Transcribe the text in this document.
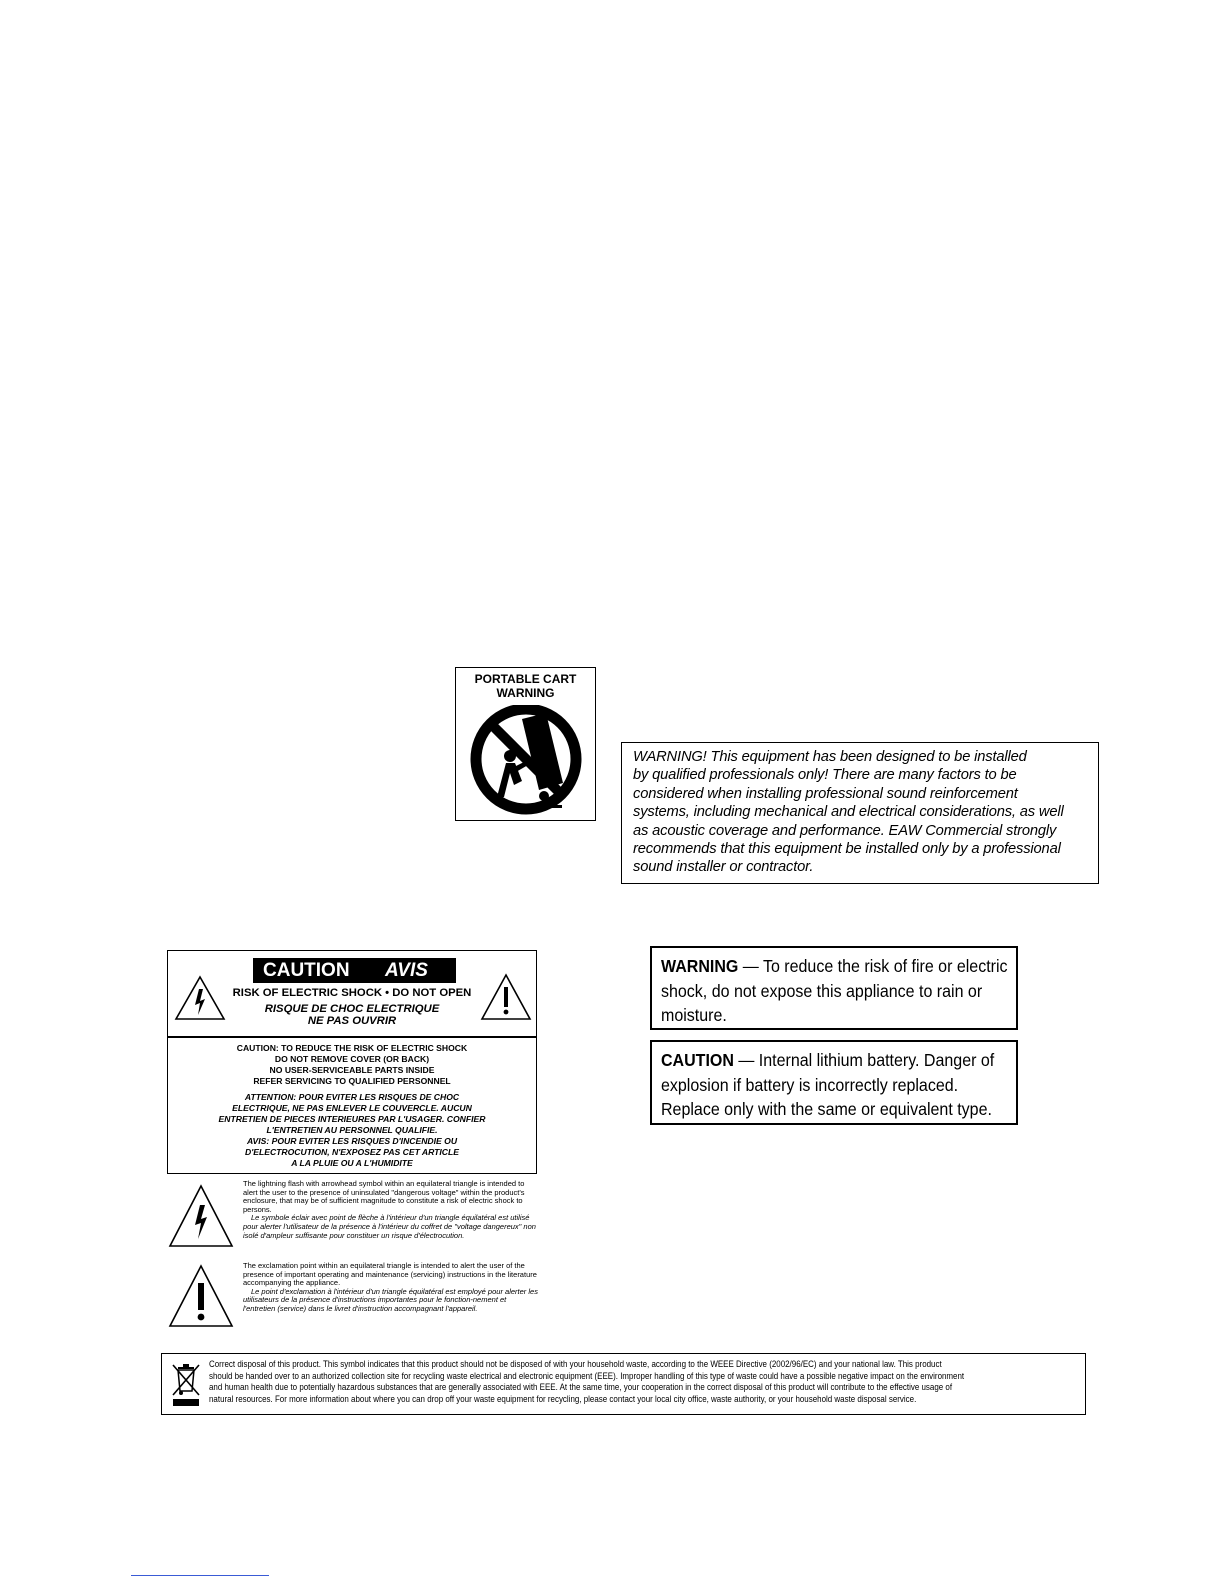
PORTABLE CART
WARNING
WARNING! This equipment has been designed to be installed
by qualified professionals only! There are many factors to be
considered when installing professional sound reinforcement
systems, including mechanical and electrical considerations, as well
as acoustic coverage and performance. EAW Commercial strongly
recommends that this equipment be installed only by a professional
sound installer or contractor.
CAUTION AVIS
RISK OF ELECTRIC SHOCK • DO NOT OPEN
RISQUE DE CHOC ELECTRIQUE
NE PAS OUVRIR
CAUTION: TO REDUCE THE RISK OF ELECTRIC SHOCK
DO NOT REMOVE COVER (OR BACK)
NO USER-SERVICEABLE PARTS INSIDE
REFER SERVICING TO QUALIFIED PERSONNEL
ATTENTION: POUR EVITER LES RISQUES DE CHOC
ELECTRIQUE, NE PAS ENLEVER LE COUVERCLE. AUCUN
ENTRETIEN DE PIECES INTERIEURES PAR L'USAGER. CONFIER
L'ENTRETIEN AU PERSONNEL QUALIFIE.
AVIS: POUR EVITER LES RISQUES D'INCENDIE OU
D'ELECTROCUTION, N'EXPOSEZ PAS CET ARTICLE
A LA PLUIE OU A L'HUMIDITE
The lightning flash with arrowhead symbol within an equilateral triangle is intended to alert the user to the presence of uninsulated "dangerous voltage" within the product's enclosure, that may be of sufficient magnitude to constitute a risk of electric shock to persons.
Le symbole éclair avec point de flèche à l'intérieur d'un triangle équilatéral est utilisé pour alerter l'utilisateur de la présence à l'intérieur du coffret de "voltage dangereux" non isolé d'ampleur suffisante pour constituer un risque d'électrocution.
The exclamation point within an equilateral triangle is intended to alert the user of the presence of important operating and maintenance (servicing) instructions in the literature accompanying the appliance.
Le point d'exclamation à l'intérieur d'un triangle équilatéral est employé pour alerter les utilisateurs de la présence d'instructions importantes pour le fonction-nement et l'entretien (service) dans le livret d'instruction accompagnant l'appareil.
WARNING — To reduce the risk of fire or electric shock, do not expose this appliance to rain or moisture.
CAUTION — Internal lithium battery. Danger of explosion if battery is incorrectly replaced. Replace only with the same or equivalent type.
Correct disposal of this product. This symbol indicates that this product should not be disposed of with your household waste, according to the WEEE Directive (2002/96/EC) and your national law. This product
should be handed over to an authorized collection site for recycling waste electrical and electronic equipment (EEE). Improper handling of this type of waste could have a possible negative impact on the environment
and human health due to potentially hazardous substances that are generally associated with EEE. At the same time, your cooperation in the correct disposal of this product will contribute to the effective usage of
natural resources. For more information about where you can drop off your waste equipment for recycling, please contact your local city office, waste authority, or your household waste disposal service.
